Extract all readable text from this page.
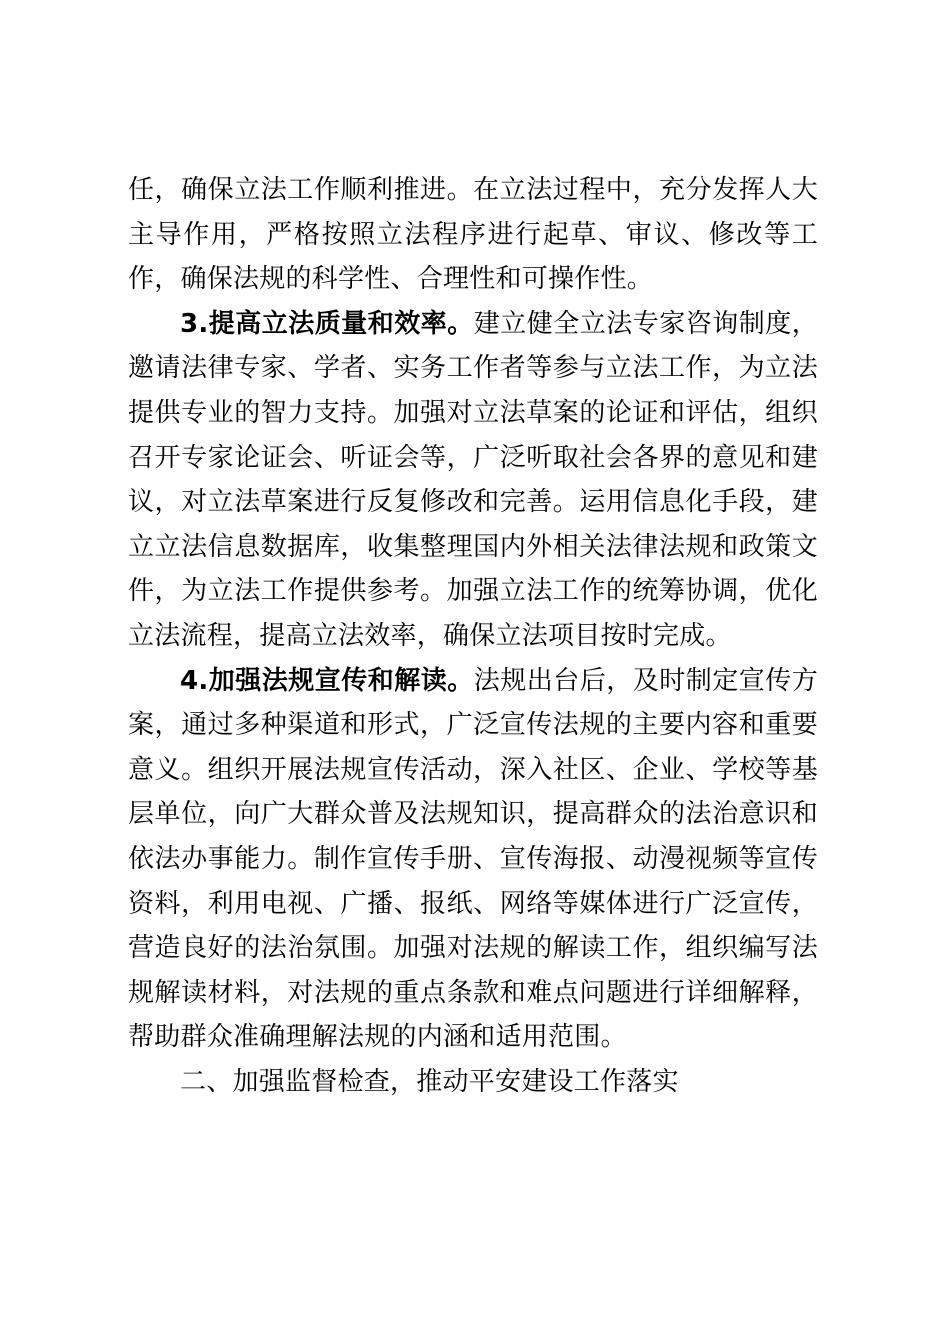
任，确保立法工作顺利推进。在立法过程中，充分发挥人大主导作用，严格按照立法程序进行起草、审议、修改等工作，确保法规的科学性、合理性和可操作性。

3.提高立法质量和效率。建立健全立法专家咨询制度，邀请法律专家、学者、实务工作者等参与立法工作，为立法提供专业的智力支持。加强对立法草案的论证和评估，组织召开专家论证会、听证会等，广泛听取社会各界的意见和建议，对立法草案进行反复修改和完善。运用信息化手段，建立立法信息数据库，收集整理国内外相关法律法规和政策文件，为立法工作提供参考。加强立法工作的统筹协调，优化立法流程，提高立法效率，确保立法项目按时完成。

4.加强法规宣传和解读。法规出台后，及时制定宣传方案，通过多种渠道和形式，广泛宣传法规的主要内容和重要意义。组织开展法规宣传活动，深入社区、企业、学校等基层单位，向广大群众普及法规知识，提高群众的法治意识和依法办事能力。制作宣传手册、宣传海报、动漫视频等宣传资料，利用电视、广播、报纸、网络等媒体进行广泛宣传，营造良好的法治氛围。加强对法规的解读工作，组织编写法规解读材料，对法规的重点条款和难点问题进行详细解释，帮助群众准确理解法规的内涵和适用范围。

二、加强监督检查，推动平安建设工作落实
